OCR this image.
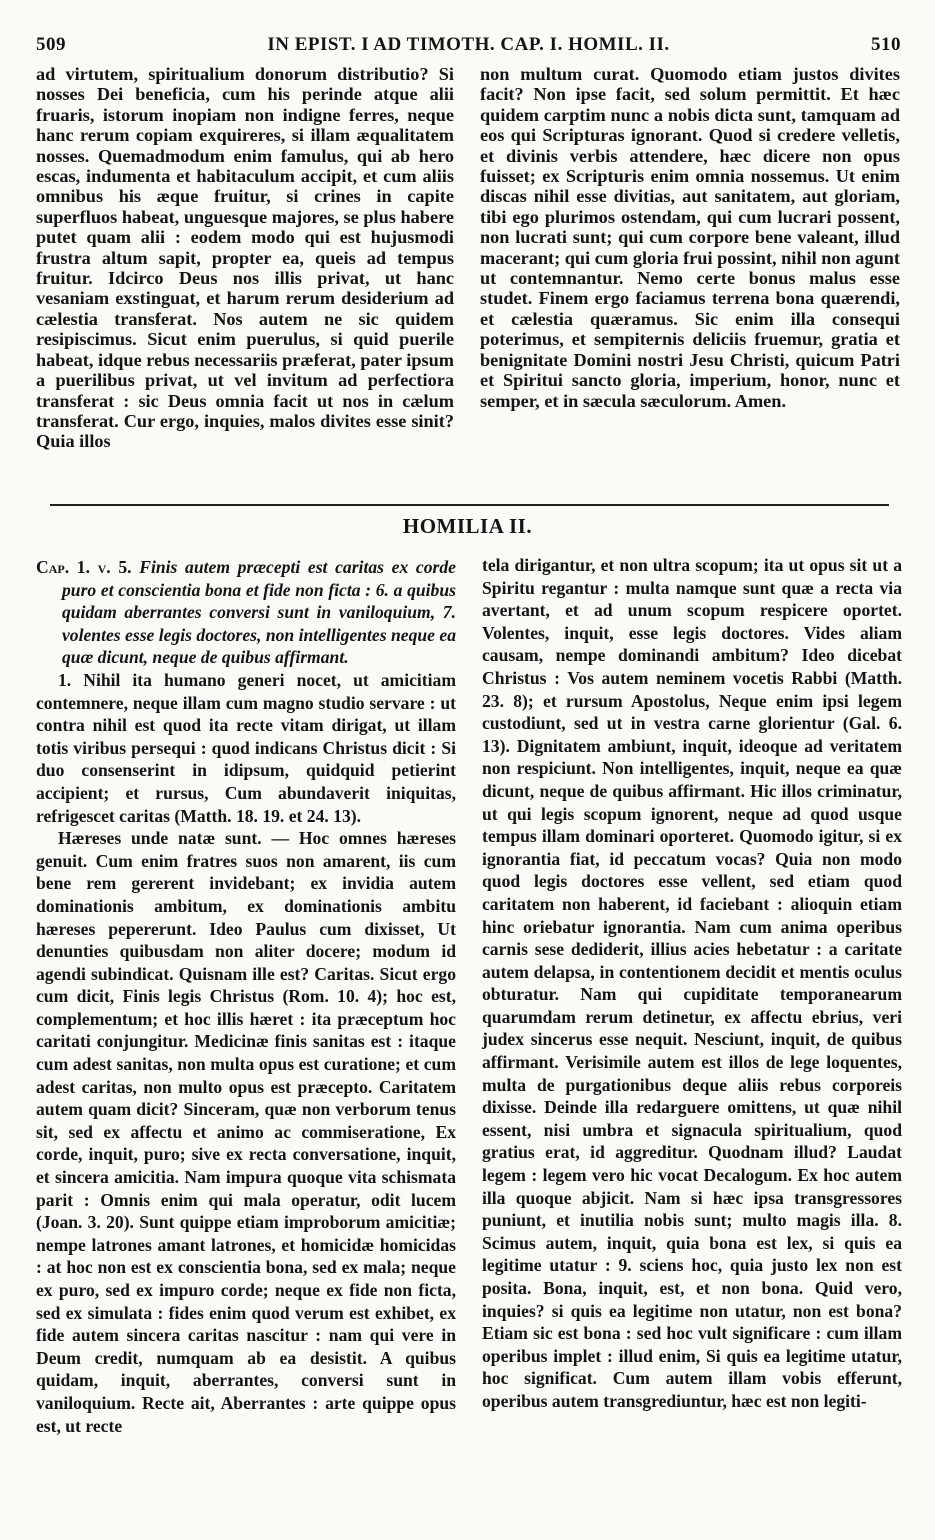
509	IN EPIST. I AD TIMOTH. CAP. I. HOMIL. II.	510

ad virtutem, spiritualium donorum distributio? Si nosses Dei beneficia, cum his perinde atque alii fruaris, istorum inopiam non indigne ferres, neque hanc rerum copiam exquireres, si illam æqualitatem nosses. Quemadmodum enim famulus, qui ab hero escas, indumenta et habitaculum accipit, et cum aliis omnibus his æque fruitur, si crines in capite superfluos habeat, unguesque majores, se plus habere putet quam alii : eodem modo qui est hujusmodi frustra altum sapit, propter ea, queis ad tempus fruitur. Idcirco Deus nos illis privat, ut hanc vesaniam exstinguat, et harum rerum desiderium ad cælestia transferat. Nos autem ne sic quidem resipiscimus. Sicut enim puerulus, si quid puerile habeat, idque rebus necessariis præferat, pater ipsum a puerilibus privat, ut vel invitum ad perfectiora transferat : sic Deus omnia facit ut nos in cælum transferat. Cur ergo, inquies, malos divites esse sinit? Quia illos

non multum curat. Quomodo etiam justos divites facit? Non ipse facit, sed solum permittit. Et hæc quidem carptim nunc a nobis dicta sunt, tamquam ad eos qui Scripturas ignorant. Quod si credere velletis, et divinis verbis attendere, hæc dicere non opus fuisset; ex Scripturis enim omnia nossemus. Ut enim discas nihil esse divitias, aut sanitatem, aut gloriam, tibi ego plurimos ostendam, qui cum lucrari possent, non lucrati sunt; qui cum corpore bene valeant, illud macerant; qui cum gloria frui possint, nihil non agunt ut contemnantur. Nemo certe bonus malus esse studet. Finem ergo faciamus terrena bona quærendi, et cælestia quæramus. Sic enim illa consequi poterimus, et sempiternis deliciis fruemur, gratia et benignitate Domini nostri Jesu Christi, quicum Patri et Spiritui sancto gloria, imperium, honor, nunc et semper, et in sæcula sæculorum. Amen.

HOMILIA II.

Cap. 1. v. 5. Finis autem præcepti est caritas ex corde puro et conscientia bona et fide non ficta : 6. a quibus quidam aberrantes conversi sunt in vaniloquium, 7. volentes esse legis doctores, non intelligentes neque ea quæ dicunt, neque de quibus affirmant.

1. Nihil ita humano generi nocet, ut amicitiam contemnere, neque illam cum magno studio servare : ut contra nihil est quod ita recte vitam dirigat, ut illam totis viribus persequi : quod indicans Christus dicit : Si duo consenserint in idipsum, quidquid petierint accipient; et rursus, Cum abundaverit iniquitas, refrigescet caritas (Matth. 18. 19. et 24. 13).

Hæreses unde natæ sunt. — Hoc omnes hæreses genuit. Cum enim fratres suos non amarent, iis cum bene rem gererent invidebant; ex invidia autem dominationis ambitum, ex dominationis ambitu hæreses pepererunt. Ideo Paulus cum dixisset, Ut denunties quibusdam non aliter docere; modum id agendi subindicat. Quisnam ille est? Caritas. Sicut ergo cum dicit, Finis legis Christus (Rom. 10. 4); hoc est, complementum; et hoc illis hæret : ita præceptum hoc caritati conjungitur. Medicinæ finis sanitas est : itaque cum adest sanitas, non multa opus est curatione; et cum adest caritas, non multo opus est præcepto. Caritatem autem quam dicit? Sinceram, quæ non verborum tenus sit, sed ex affectu et animo ac commiseratione, Ex corde, inquit, puro; sive ex recta conversatione, inquit, et sincera amicitia. Nam impura quoque vita schismata parit : Omnis enim qui mala operatur, odit lucem (Joan. 3. 20). Sunt quippe etiam improborum amicitiæ; nempe latrones amant latrones, et homicidæ homicidas : at hoc non est ex conscientia bona, sed ex mala; neque ex puro, sed ex impuro corde; neque ex fide non ficta, sed ex simulata : fides enim quod verum est exhibet, ex fide autem sincera caritas nascitur : nam qui vere in Deum credit, numquam ab ea desistit. A quibus quidam, inquit, aberrantes, conversi sunt in vaniloquium. Recte ait, Aberrantes : arte quippe opus est, ut recte

tela dirigantur, et non ultra scopum; ita ut opus sit ut a Spiritu regantur : multa namque sunt quæ a recta via avertant, et ad unum scopum respicere oportet. Volentes, inquit, esse legis doctores. Vides aliam causam, nempe dominandi ambitum? Ideo dicebat Christus : Vos autem neminem vocetis Rabbi (Matth. 23. 8); et rursum Apostolus, Neque enim ipsi legem custodiunt, sed ut in vestra carne glorientur (Gal. 6. 13). Dignitatem ambiunt, inquit, ideoque ad veritatem non respiciunt. Non intelligentes, inquit, neque ea quæ dicunt, neque de quibus affirmant. Hic illos criminatur, ut qui legis scopum ignorent, neque ad quod usque tempus illam dominari oporteret. Quomodo igitur, si ex ignorantia fiat, id peccatum vocas? Quia non modo quod legis doctores esse vellent, sed etiam quod caritatem non haberent, id faciebant : alioquin etiam hinc oriebatur ignorantia. Nam cum anima operibus carnis sese dediderit, illius acies hebetatur : a caritate autem delapsa, in contentionem decidit et mentis oculus obturatur. Nam qui cupiditate temporanearum quarumdam rerum detinetur, ex affectu ebrius, veri judex sincerus esse nequit. Nesciunt, inquit, de quibus affirmant. Verisimile autem est illos de lege loquentes, multa de purgationibus deque aliis rebus corporeis dixisse. Deinde illa redarguere omittens, ut quæ nihil essent, nisi umbra et signacula spiritualium, quod gratius erat, id aggreditur. Quodnam illud? Laudat legem : legem vero hic vocat Decalogum. Ex hoc autem illa quoque abjicit. Nam si hæc ipsa transgressores puniunt, et inutilia nobis sunt; multo magis illa. 8. Scimus autem, inquit, quia bona est lex, si quis ea legitime utatur : 9. sciens hoc, quia justo lex non est posita. Bona, inquit, est, et non bona. Quid vero, inquies? si quis ea legitime non utatur, non est bona? Etiam sic est bona : sed hoc vult significare : cum illam operibus implet : illud enim, Si quis ea legitime utatur, hoc significat. Cum autem illam vobis efferunt, operibus autem transgrediuntur, hæc est non legiti-
